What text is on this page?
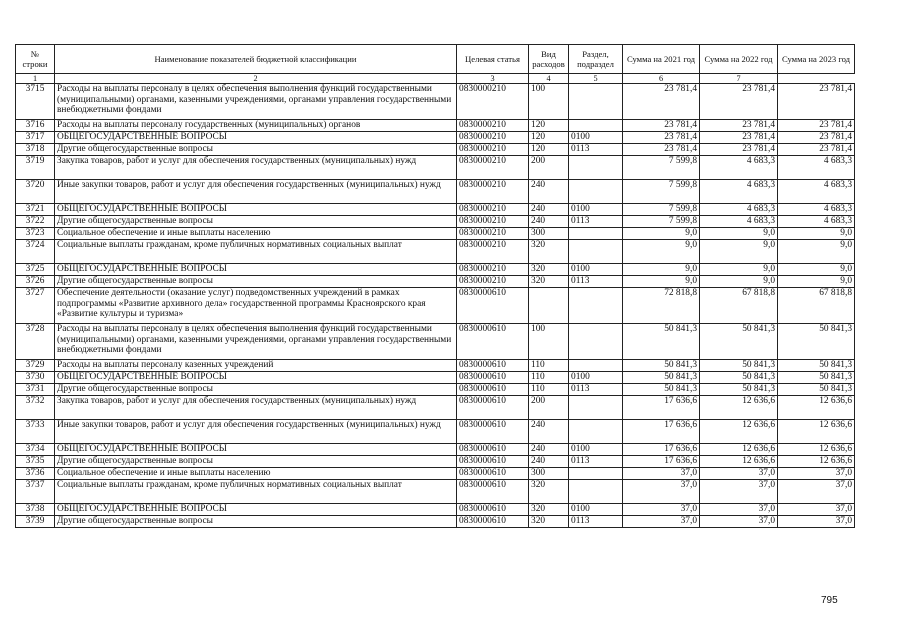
№ строки	Наименование показателей бюджетной классификации	Целевая статья	Вид расходов	Раздел, подраздел	Сумма на 2021 год	Сумма на 2022 год	Сумма на 2023 год
1	2	3	4	5	6	7	
3715	Расходы на выплаты персоналу в целях обеспечения выполнения функций государственными (муниципальными) органами, казенными учреждениями, органами управления государственными внебюджетными фондами	0830000210	100		23 781,4	23 781,4	23 781,4
3716	Расходы на выплаты персоналу государственных (муниципальных) органов	0830000210	120		23 781,4	23 781,4	23 781,4
3717	ОБЩЕГОСУДАРСТВЕННЫЕ ВОПРОСЫ	0830000210	120	0100	23 781,4	23 781,4	23 781,4
3718	Другие общегосударственные вопросы	0830000210	120	0113	23 781,4	23 781,4	23 781,4
3719	Закупка товаров, работ и услуг для обеспечения государственных (муниципальных) нужд	0830000210	200		7 599,8	4 683,3	4 683,3
3720	Иные закупки товаров, работ и услуг для обеспечения государственных (муниципальных) нужд	0830000210	240		7 599,8	4 683,3	4 683,3
3721	ОБЩЕГОСУДАРСТВЕННЫЕ ВОПРОСЫ	0830000210	240	0100	7 599,8	4 683,3	4 683,3
3722	Другие общегосударственные вопросы	0830000210	240	0113	7 599,8	4 683,3	4 683,3
3723	Социальное обеспечение и иные выплаты населению	0830000210	300		9,0	9,0	9,0
3724	Социальные выплаты гражданам, кроме публичных нормативных социальных выплат	0830000210	320		9,0	9,0	9,0
3725	ОБЩЕГОСУДАРСТВЕННЫЕ ВОПРОСЫ	0830000210	320	0100	9,0	9,0	9,0
3726	Другие общегосударственные вопросы	0830000210	320	0113	9,0	9,0	9,0
3727	Обеспечение деятельности (оказание услуг) подведомственных учреждений в рамках подпрограммы «Развитие архивного дела» государственной программы Красноярского края «Развитие культуры и туризма»	0830000610			72 818,8	67 818,8	67 818,8
3728	Расходы на выплаты персоналу в целях обеспечения выполнения функций государственными (муниципальными) органами, казенными учреждениями, органами управления государственными внебюджетными фондами	0830000610	100		50 841,3	50 841,3	50 841,3
3729	Расходы на выплаты персоналу казенных учреждений	0830000610	110		50 841,3	50 841,3	50 841,3
3730	ОБЩЕГОСУДАРСТВЕННЫЕ ВОПРОСЫ	0830000610	110	0100	50 841,3	50 841,3	50 841,3
3731	Другие общегосударственные вопросы	0830000610	110	0113	50 841,3	50 841,3	50 841,3
3732	Закупка товаров, работ и услуг для обеспечения государственных (муниципальных) нужд	0830000610	200		17 636,6	12 636,6	12 636,6
3733	Иные закупки товаров, работ и услуг для обеспечения государственных (муниципальных) нужд	0830000610	240		17 636,6	12 636,6	12 636,6
3734	ОБЩЕГОСУДАРСТВЕННЫЕ ВОПРОСЫ	0830000610	240	0100	17 636,6	12 636,6	12 636,6
3735	Другие общегосударственные вопросы	0830000610	240	0113	17 636,6	12 636,6	12 636,6
3736	Социальное обеспечение и иные выплаты населению	0830000610	300		37,0	37,0	37,0
3737	Социальные выплаты гражданам, кроме публичных нормативных социальных выплат	0830000610	320		37,0	37,0	37,0
3738	ОБЩЕГОСУДАРСТВЕННЫЕ ВОПРОСЫ	0830000610	320	0100	37,0	37,0	37,0
3739	Другие общегосударственные вопросы	0830000610	320	0113	37,0	37,0	37,0
795
